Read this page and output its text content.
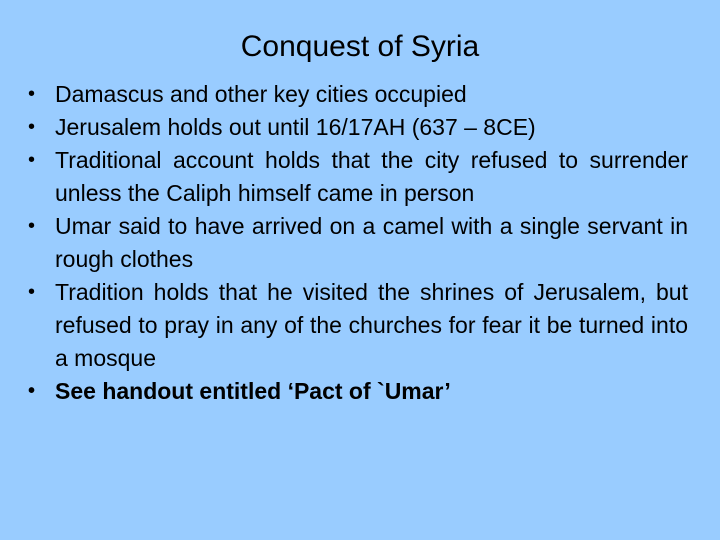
Conquest of Syria
• Damascus and other key cities occupied
• Jerusalem holds out until 16/17AH (637 – 8CE)
• Traditional account holds that the city refused to surrender unless the Caliph himself came in person
• Umar said to have arrived on a camel with a single servant in rough clothes
• Tradition holds that he visited the shrines of Jerusalem, but refused to pray in any of the churches for fear it be turned into a mosque
• See handout entitled ‘Pact of `Umar’
